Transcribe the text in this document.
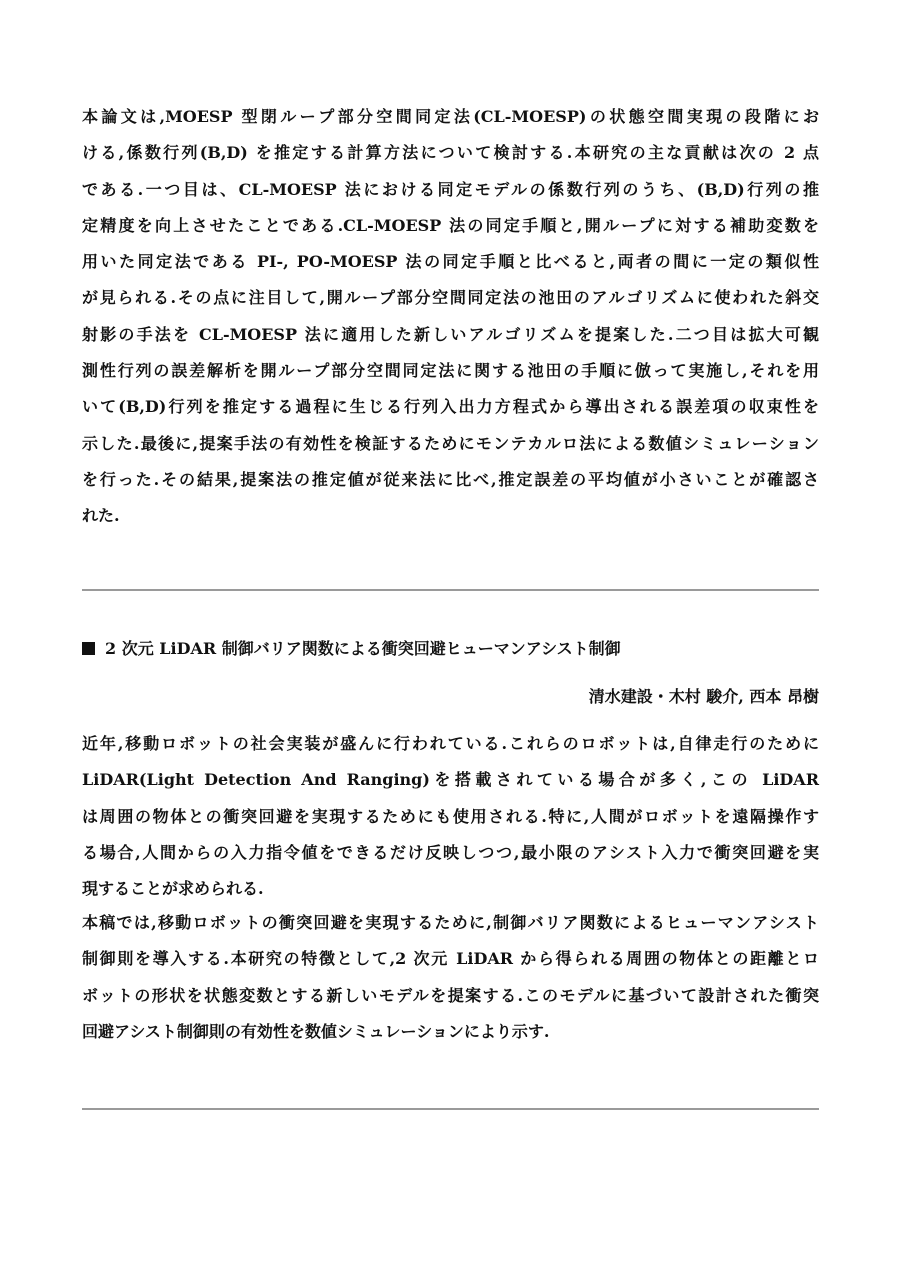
本論文は,MOESP 型閉ループ部分空間同定法(CL-MOESP)の状態空間実現の段階にお
ける,係数行列(B,D) を推定する計算方法について検討する.本研究の主な貢献は次の 2 点
である.一つ目は、CL-MOESP 法における同定モデルの係数行列のうち、(B,D)行列の推
定精度を向上させたことである.CL-MOESP 法の同定手順と,開ループに対する補助変数を
用いた同定法である PI-, PO-MOESP 法の同定手順と比べると,両者の間に一定の類似性
が見られる.その点に注目して,開ループ部分空間同定法の池田のアルゴリズムに使われた斜交
射影の手法を CL-MOESP 法に適用した新しいアルゴリズムを提案した.二つ目は拡大可観
測性行列の誤差解析を開ループ部分空間同定法に関する池田の手順に倣って実施し,それを用
いて(B,D)行列を推定する過程に生じる行列入出力方程式から導出される誤差項の収束性を
示した.最後に,提案手法の有効性を検証するためにモンテカルロ法による数値シミュレーション
を行った.その結果,提案法の推定値が従来法に比べ,推定誤差の平均値が小さいことが確認さ
れた.
2 次元 LiDAR 制御バリア関数による衝突回避ヒューマンアシスト制御
清水建設・木村 駿介, 西本 昂樹
近年,移動ロボットの社会実装が盛んに行われている.これらのロボットは,自律走行のために
LiDAR(Light Detection And Ranging)を搭載されている場合が多く,この LiDAR
は周囲の物体との衝突回避を実現するためにも使用される.特に,人間がロボットを遠隔操作す
る場合,人間からの入力指令値をできるだけ反映しつつ,最小限のアシスト入力で衝突回避を実
現することが求められる.
本稿では,移動ロボットの衝突回避を実現するために,制御バリア関数によるヒューマンアシスト
制御則を導入する.本研究の特徴として,2 次元 LiDAR から得られる周囲の物体との距離とロ
ボットの形状を状態変数とする新しいモデルを提案する.このモデルに基づいて設計された衝突
回避アシスト制御則の有効性を数値シミュレーションにより示す.
